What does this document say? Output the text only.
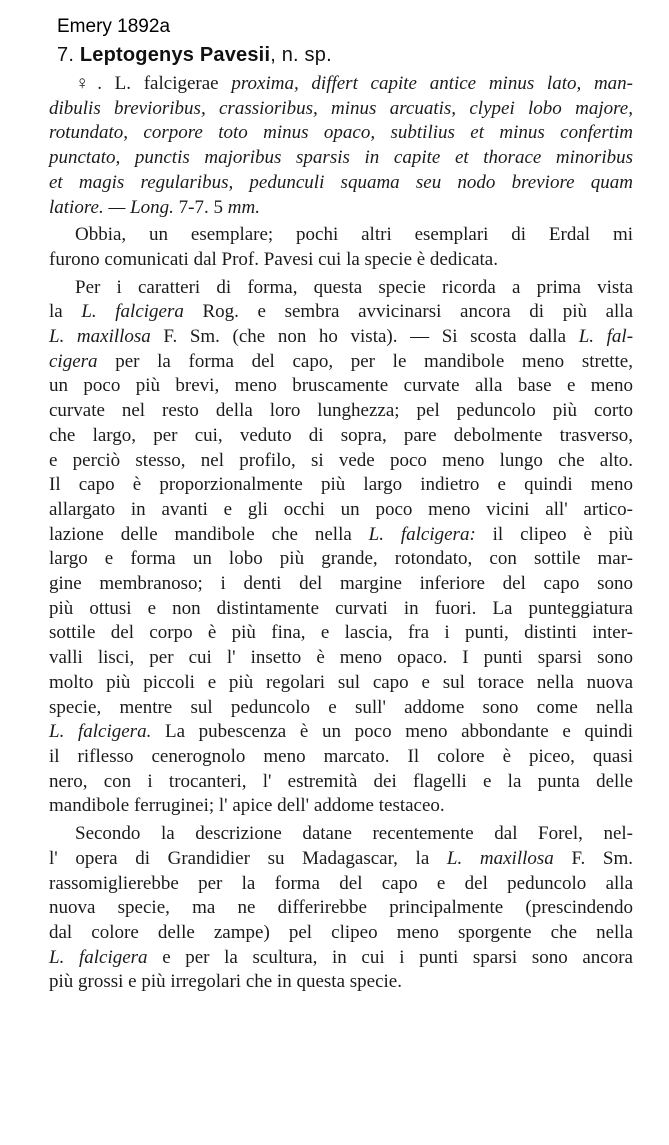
Emery 1892a
7. Leptogenys Pavesii, n. sp.
♀. L. falcigerae proxima, differt capite antice minus lato, man-
dibulis brevioribus, crassioribus, minus arcuatis, clypei lobo majore,
rotundato, corpore toto minus opaco, subtilius et minus confertim
punctato, punctis majoribus sparsis in capite et thorace minoribus
et magis regularibus, pedunculi squama seu nodo breviore quam
latiore. — Long. 7-7. 5 mm.
Obbia, un esemplare; pochi altri esemplari di Erdal mi
furono comunicati dal Prof. Pavesi cui la specie è dedicata.
Per i caratteri di forma, questa specie ricorda a prima vista
la L. falcigera Rog. e sembra avvicinarsi ancora di più alla
L. maxillosa F. Sm. (che non ho vista). — Si scosta dalla L. fal-
cigera per la forma del capo, per le mandibole meno strette,
un poco più brevi, meno bruscamente curvate alla base e meno
curvate nel resto della loro lunghezza; pel peduncolo più corto
che largo, per cui, veduto di sopra, pare debolmente trasverso,
e perciò stesso, nel profilo, si vede poco meno lungo che alto.
Il capo è proporzionalmente più largo indietro e quindi meno
allargato in avanti e gli occhi un poco meno vicini all' artico-
lazione delle mandibole che nella L. falcigera: il clipeo è più
largo e forma un lobo più grande, rotondato, con sottile mar-
gine membranoso; i denti del margine inferiore del capo sono
più ottusi e non distintamente curvati in fuori. La punteggiatura
sottile del corpo è più fina, e lascia, fra i punti, distinti inter-
valli lisci, per cui l' insetto è meno opaco. I punti sparsi sono
molto più piccoli e più regolari sul capo e sul torace nella nuova
specie, mentre sul peduncolo e sull' addome sono come nella
L. falcigera. La pubescenza è un poco meno abbondante e quindi
il riflesso cenerognolo meno marcato. Il colore è piceo, quasi
nero, con i trocanteri, l' estremità dei flagelli e la punta delle
mandibole ferruginei; l' apice dell' addome testaceo.
Secondo la descrizione datane recentemente dal Forel, nel-
l' opera di Grandidier su Madagascar, la L. maxillosa F. Sm.
rassomiglierebbe per la forma del capo e del peduncolo alla
nuova specie, ma ne differirebbe principalmente (prescindendo
dal colore delle zampe) pel clipeo meno sporgente che nella
L. falcigera e per la scultura, in cui i punti sparsi sono ancora
più grossi e più irregolari che in questa specie.
